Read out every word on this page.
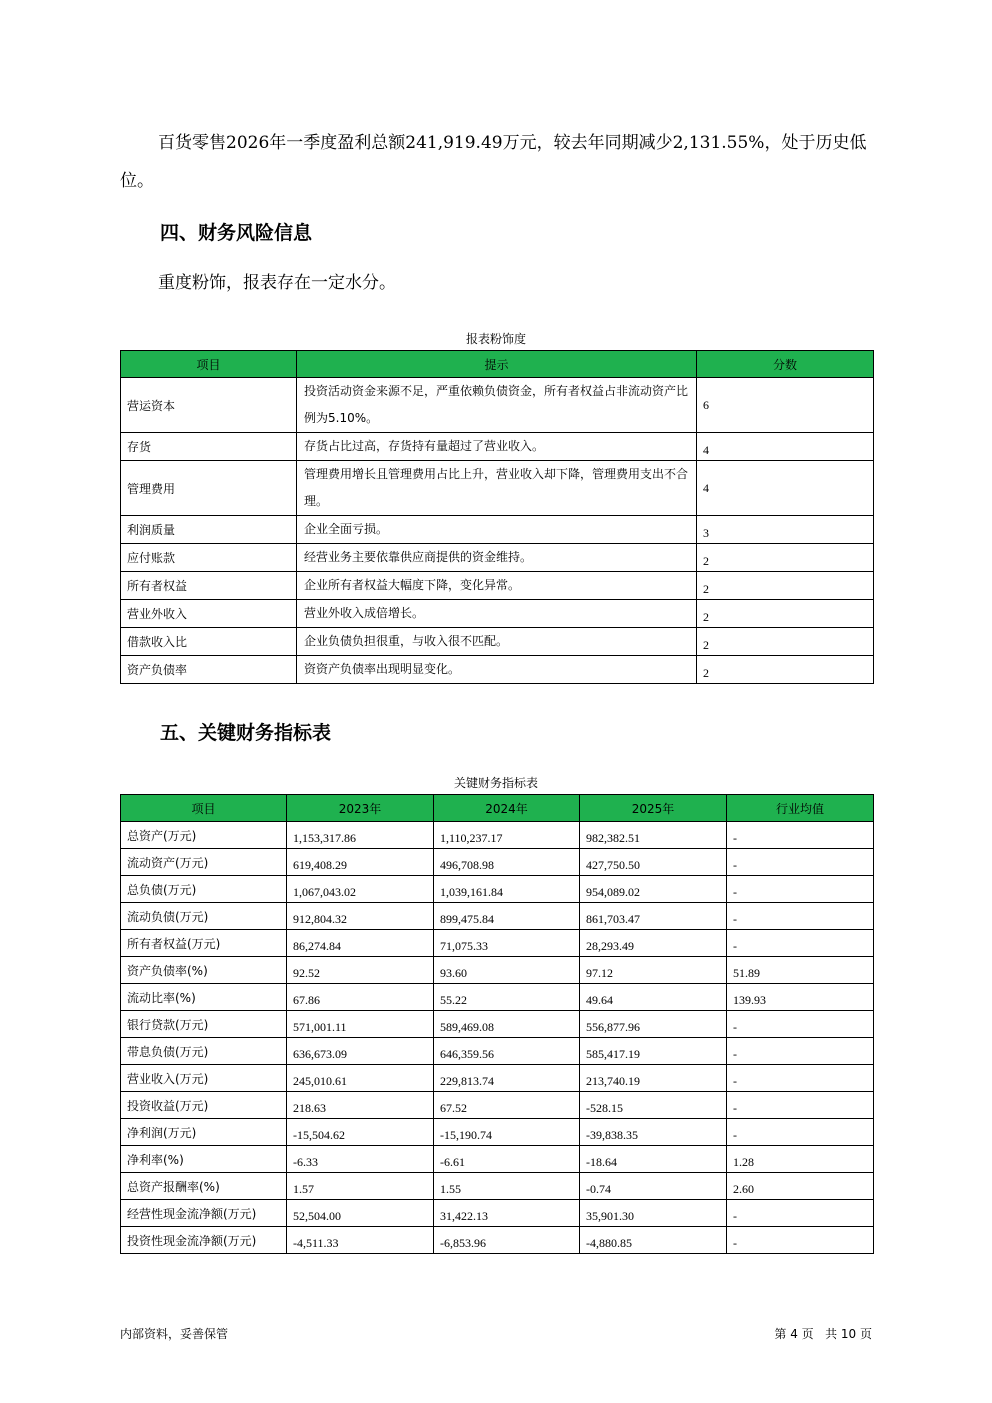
百货零售2026年一季度盈利总额241,919.49万元，较去年同期减少2,131.55%，处于历史低位。
四、财务风险信息
重度粉饰，报表存在一定水分。
报表粉饰度
项目	提示	分数
营运资本	投资活动资金来源不足，严重依赖负债资金，所有者权益占非流动资产比例为5.10%。	6
存货	存货占比过高，存货持有量超过了营业收入。	4
管理费用	管理费用增长且管理费用占比上升，营业收入却下降，管理费用支出不合理。	4
利润质量	企业全面亏损。	3
应付账款	经营业务主要依靠供应商提供的资金维持。	2
所有者权益	企业所有者权益大幅度下降，变化异常。	2
营业外收入	营业外收入成倍增长。	2
借款收入比	企业负债负担很重，与收入很不匹配。	2
资产负债率	资资产负债率出现明显变化。	2
五、关键财务指标表
关键财务指标表
项目	2023年	2024年	2025年	行业均值
总资产(万元)	1,153,317.86	1,110,237.17	982,382.51	-
流动资产(万元)	619,408.29	496,708.98	427,750.50	-
总负债(万元)	1,067,043.02	1,039,161.84	954,089.02	-
流动负债(万元)	912,804.32	899,475.84	861,703.47	-
所有者权益(万元)	86,274.84	71,075.33	28,293.49	-
资产负债率(%)	92.52	93.60	97.12	51.89
流动比率(%)	67.86	55.22	49.64	139.93
银行贷款(万元)	571,001.11	589,469.08	556,877.96	-
带息负债(万元)	636,673.09	646,359.56	585,417.19	-
营业收入(万元)	245,010.61	229,813.74	213,740.19	-
投资收益(万元)	218.63	67.52	-528.15	-
净利润(万元)	-15,504.62	-15,190.74	-39,838.35	-
净利率(%)	-6.33	-6.61	-18.64	1.28
总资产报酬率(%)	1.57	1.55	-0.74	2.60
经营性现金流净额(万元)	52,504.00	31,422.13	35,901.30	-
投资性现金流净额(万元)	-4,511.33	-6,853.96	-4,880.85	-
内部资料，妥善保管	第 4 页   共 10 页
